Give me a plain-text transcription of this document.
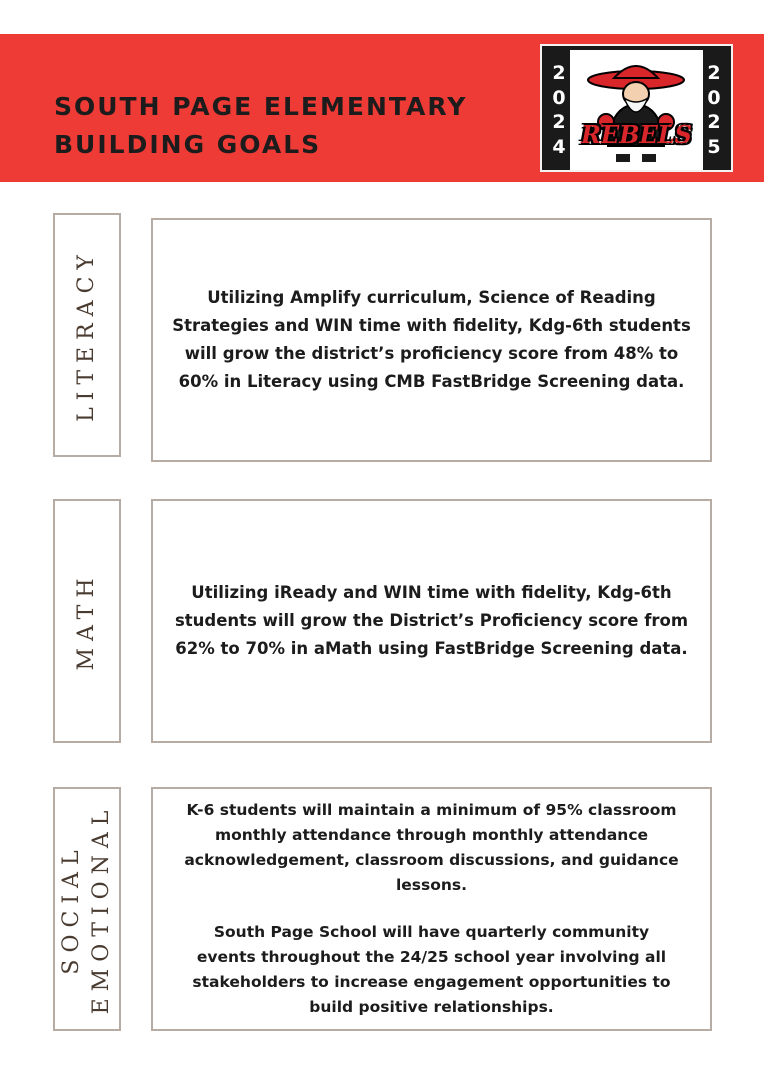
SOUTH PAGE ELEMENTARY
BUILDING GOALS
2
0
2
4 REBELS
2
0
2
5
LITERACY	Utilizing Amplify curriculum, Science of Reading Strategies and WIN time with fidelity, Kdg-6th students will grow the district’s proficiency score from 48% to 60% in Literacy using CMB FastBridge Screening data.

MATH	Utilizing iReady and WIN time with fidelity, Kdg-6th students will grow the District’s Proficiency score from 62% to 70% in aMath using FastBridge Screening data.

SOCIAL EMOTIONAL	K-6 students will maintain a minimum of 95% classroom monthly attendance through monthly attendance acknowledgement, classroom discussions, and guidance lessons.

South Page School will have quarterly community events throughout the 24/25 school year involving all stakeholders to increase engagement opportunities to build positive relationships.
